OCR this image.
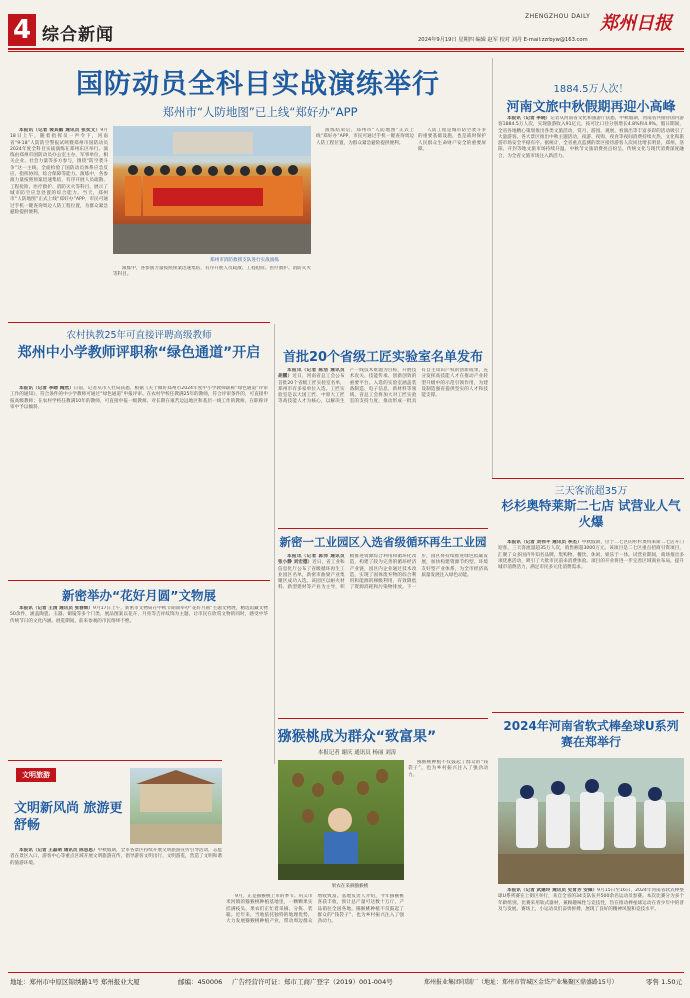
4 综合新闻
ZHENGZHOU DAILY 郑州日报
2024年9月19日 星期四 编辑 赵军 校对 刘丹 E-mail:zzrbyw@163.com
国防动员全科目实战演练举行
郑州市“人防地图”已上线“郑好办”APP

本报讯（记者 裴其鹤 通讯员 张奕文）9月18日上午，随着指挥员一声令下，河南省“9·18”人防防空警报试鸣暨郑州市国防动员2024年度全科目实战演练在郑州东区举行。演练由郑州市国防动员办公室主办，军事单位、相关企业、社会力量等多方参与，围绕“防空袭斗争”这一主线，全面检验了国防动员体系应急反应、指挥协同、综合保障等能力。演练中，各参演力量按照预案迅速集结，有序开展人员疏散、工程抢险、医疗救护、消防灭火等科目，展示了城市防空应急处置的综合能力。当天，郑州市“人防地图”正式上线“郑好办”APP，市民可通过手机一键查询周边人防工程位置，为群众紧急避险提供便利。

郑州市消防救援支队进行实战演练

演练中，各参演力量按照预案迅速集结，有序开展人员疏散、工程抢险、医疗救护、消防灭火等科目。

演练结束后，郑州市“人防地图”正式上线“郑好办”APP，市民可通过手机一键查询周边人防工程位置，为群众紧急避险提供便利。

人防工程是城市防空袭斗争的重要基础设施，也是战时保护人民群众生命财产安全的重要屏障。

1884.5万人次！
河南文旅中秋假期再迎小高峰

本报讯（记者 李晓）记者从河南省文化和旅游厅获悉，中秋假期，河南省共接待国内游客1884.5万人次，实现旅游收入91亿元，按可比口径分别增长4.8%和4.9%。假日期间，全省各地精心策划推出各类文旅活动，赏月、游园、观展、看演出等丰富多彩的活动吸引了大量游客。各大景区推出中秋主题活动，夜游、夜购、夜食等夜间消费持续火热，文化和旅游市场安全平稳有序。据统计，全省重点监测的景区接待游客人次同比增长明显，郑州、洛阳、开封等地文旅市场持续升温，中秋节文旅消费亮点纷呈，传统文化与现代消费深度融合，为全省文旅市场注入新活力。

农村执教25年可直接评聘高级教师
郑州中小学教师评职称“绿色通道”开启

本报讯（记者 李晴 陶然）日前，记者从市人社局获悉，根据《关于做好郑州市2024年度中小学教师职称“绿色通道”评审工作的通知》，符合条件的中小学教师可通过“绿色通道”申报评审。在农村学校任教满25年的教师，符合评审条件的，可直接申报高级教师；在农村学校任教满10年的教师，可直接申报一级教师。对长期在艰苦边远地区和基层一线工作的教师，在职称评审中予以倾斜。

首批20个省级工匠实验室名单发布

本报讯（记者 陈浩 通讯员 胡鹏）近日，河南省总工会公布首批20个省级工匠实验室名单，郑州市有多家单位入选。工匠实验室是以大国工匠、中原大工匠等高技能人才为核心，以解决生产一线技术难题为目标，开展技术攻关、技能传承、创新创效的重要平台。入选的实验室涵盖装备制造、电子信息、新材料等领域。省总工会将加大对工匠实验室的支持力度，推动形成一批具有自主知识产权的创新成果，充分发挥高技能人才在推动产业转型升级中的示范引领作用，为建设制造强省提供坚实的人才和技能支撑。

三天客流超35万
杉杉奥特莱斯二七店 试营业人气火爆

本报讯（记者 刘伟平 通讯员 李杰）中秋假期，位于二七区的杉杉奥特莱斯二七店开门迎客，三天客流量超35万人次，销售额超3000万元。该项目是二七区重点招商引资项目，汇聚了众多国内外知名品牌，集购物、餐饮、休闲、娱乐于一体。试营业期间，商场推出多项优惠活动，吸引了大批市民前来消费体验。项目的开业将进一步完善区域商业布局，提升城市消费活力，满足市民多元化消费需求。

新密一工业园区入选省级循环再生工业园

本报讯（记者 郭沛 通讯员 张小静 刘宏德）近日，省工业和信息化厅公布了省级循环再生工业园区名单，新密市曲梁产业集聚区成功入选。该园区以耐火材料、新型建材等产业为主导，积极推进资源综合利用和循环化改造，构建了较为完善的循环经济产业链，园区内企业通过技术改造，实现了固体废弃物的综合利用和能源的梯级利用，有效降低了资源消耗和污染物排放。下一步，园区将持续推进绿色低碳发展，加快构建资源节约型、环境友好型产业体系，为全市经济高质量发展注入绿色动能。

新密举办“花好月圆”文物展

本报讯（记者 王清 通讯员 张春辉）9月17日上午，新密市文物局在中秋节期间举办“花好月圆”主题文物展，精选馆藏文物50余件，涵盖陶瓷、玉器、铜镜等多个门类，展品图案以花卉、月亮等吉祥纹饰为主题，让市民在欣赏文物的同时，感受中华传统节日的文化内涵。展览期间，前来参观的市民络绎不绝。

2024年河南省软式棒垒球U系列赛在郑举行

本报讯（记者 武建玲 通讯员 史育芳 安锋）9月15日至16日，2024年河南省软式棒垒球U系列赛在上街区举行，来自全省的34支队伍共500余名运动员参赛。本次比赛分为多个年龄组别，比赛采用软式器材，兼顾趣味性与竞技性，旨在推动棒垒球运动在青少年中的普及与发展。赛场上，小运动员们奋勇拼搏，展现了良好的精神风貌和竞技水平。

猕猴桃成为群众“致富果”
本报记者 谢庆 通讯员 杨丽 刘涛
果农在采摘猕猴桃

猕猴桃种植不仅鼓起了群众的“钱袋子”，也为乡村振兴注入了强劲动力。

9月，正是猕猴桃上市的季节。巩义市米河镇的猕猴桃种植基地里，一颗颗果实挂满枝头，果农们正忙着采摘、分拣、装箱。近年来，当地依托独特的地理优势，大力发展猕猴桃种植产业，带动周边群众增收致富。基地负责人介绍，今年猕猴桃喜获丰收，预计总产量可达数十万斤，产品销往全国各地。猕猴桃种植不仅鼓起了群众的“钱袋子”，也为乡村振兴注入了强劲动力。

文明旅游
文明新风尚 旅游更舒畅

本报讯（记者 王磊萌 通讯员 陈思思）中秋假期，全市各景区持续开展文明旅游宣传引导活动，志愿者在景区入口、游客中心等重点区域开展文明旅游宣传，倡导游客文明出行、文明游览，营造了文明和谐的旅游环境。

地址：郑州市中原区锦绣路1号 郑州报业大厦	邮编：450006 广告经营许可证：郑市工商广登字（2019）001-004号	郑州报业集团印制厂（地址：郑州市管城区金岱产业集聚区鼎盛路15号）	零售 1.50元
